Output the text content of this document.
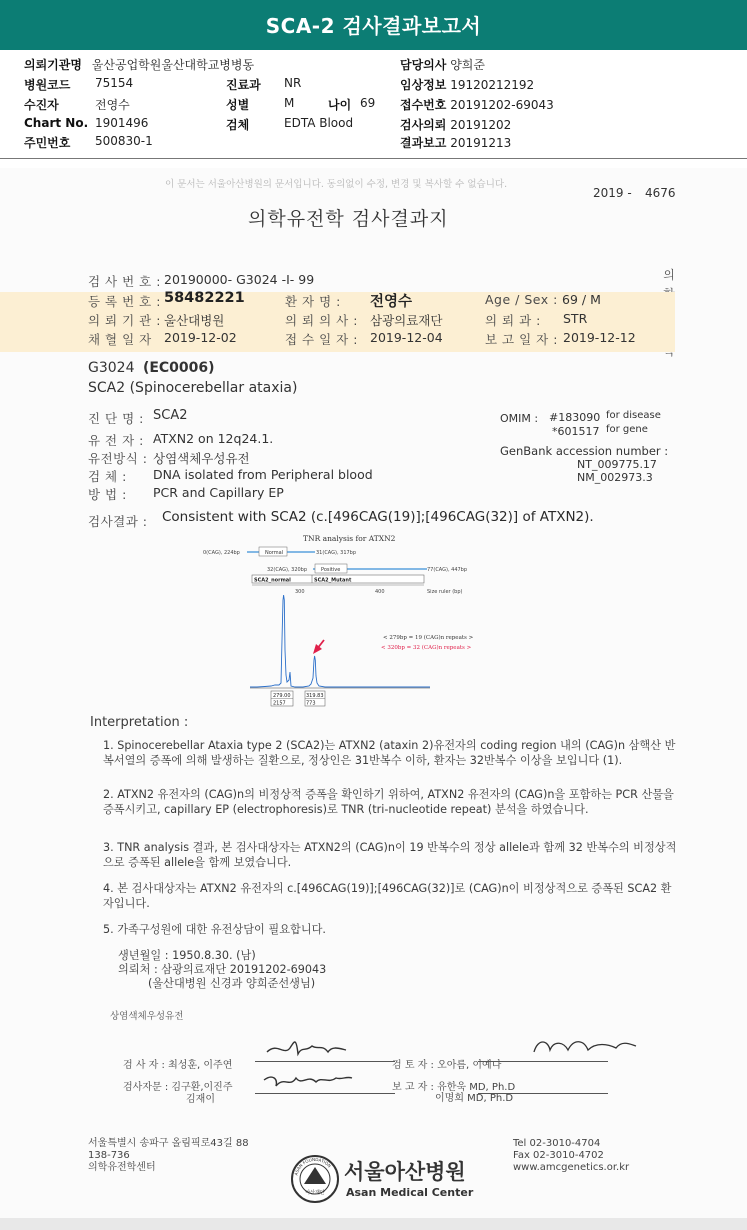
SCA-2 검사결과보고서
의뢰기관명 울산공업학원울산대학교병병동
병원코드 75154
수진자	전영수
Chart No. 1901496
주민번호 500830-1
진료과 NR
성별	M	나이 69
검체	EDTA Blood
담당의사 양희준
임상정보 19120212192
접수번호 20191202-69043
검사의뢰 20191202
결과보고 20191213
이 문서는 서울아산병원의 문서입니다. 동의없이 수정, 변경 및 복사할 수 없습니다.
2019 - 4676
의학유전학 검사결과지
의
검 사 번 호 : 20190000- G3024 -I- 99
등 록 번 호 : 58482221	환 자 명 : 전영수	Age / Sex : 69 / M
의 뢰 기 관 : 울산대병원	의 뢰 의 사 : 삼광의료재단	의 뢰 과 : STR
채 혈 일 자 2019-12-02	접 수 일 자 : 2019-12-04	보 고 일 자 : 2019-12-12
G3024 (EC0006)
SCA2 (Spinocerebellar ataxia)
진 단 명 : SCA2
유 전 자 : ATXN2 on 12q24.1.
유전방식 : 상염색체우성유전
검 체 : DNA isolated from Peripheral blood
방 법 : PCR and Capillary EP
OMIM : #183090 for disease
*601517 for gene
GenBank accession number :
NT_009775.17
NM_002973.3
검사결과 : Consistent with SCA2 (c.[496CAG(19)];[496CAG(32)] of ATXN2).
TNR analysis for ATXN2
0(CAG), 224bp	Normal	31(CAG), 317bp
32(CAG), 320bp	Positive	77(CAG), 447bp
SCA2_normal	SCA2_Mutant
300	400	Size ruler (bp)
< 279bp = 19 (CAG)n repeats >
< 320bp = 32 (CAG)n repeats >
279.00
2157
319.83
773
Interpretation :
1. Spinocerebellar Ataxia type 2 (SCA2)는 ATXN2 (ataxin 2)유전자의 coding region 내의 (CAG)n 삼핵산 반복서열의 증폭에 의해 발생하는 질환으로, 정상인은 31반복수 이하, 환자는 32반복수 이상을 보입니다 (1).
2. ATXN2 유전자의 (CAG)n의 비정상적 증폭을 확인하기 위하여, ATXN2 유전자의 (CAG)n을 포함하는 PCR 산물을 증폭시키고, capillary EP (electrophoresis)로 TNR (tri-nucleotide repeat) 분석을 하였습니다.
3. TNR analysis 결과, 본 검사대상자는 ATXN2의 (CAG)n이 19 반복수의 정상 allele과 함께 32 반복수의 비정상적으로 증폭된 allele을 함께 보였습니다.
4. 본 검사대상자는 ATXN2 유전자의 c.[496CAG(19)];[496CAG(32)]로 (CAG)n이 비정상적으로 증폭된 SCA2 환자입니다.
5. 가족구성원에 대한 유전상담이 필요합니다.
생년월일 : 1950.8.30. (남)
의뢰처 : 삼광의료재단 20191202-69043
(울산대병원 신경과 양희준선생님)
상염색체우성유전
검 사 자 : 최성훈, 이주연	검 토 자 : 오아름, 이예나
검사자문 : 김구환,이진주
김재이
보 고 자 : 유한욱 MD, Ph.D
이명희 MD, Ph.D
서울특별시 송파구 올림픽로43길 88
138-736
의학유전학센터
Tel 02-3010-4704
Fax 02-3010-4702
www.amcgenetics.or.kr
아산재단
ASAN FOUNDATION 서울아산병원
Asan Medical Center
